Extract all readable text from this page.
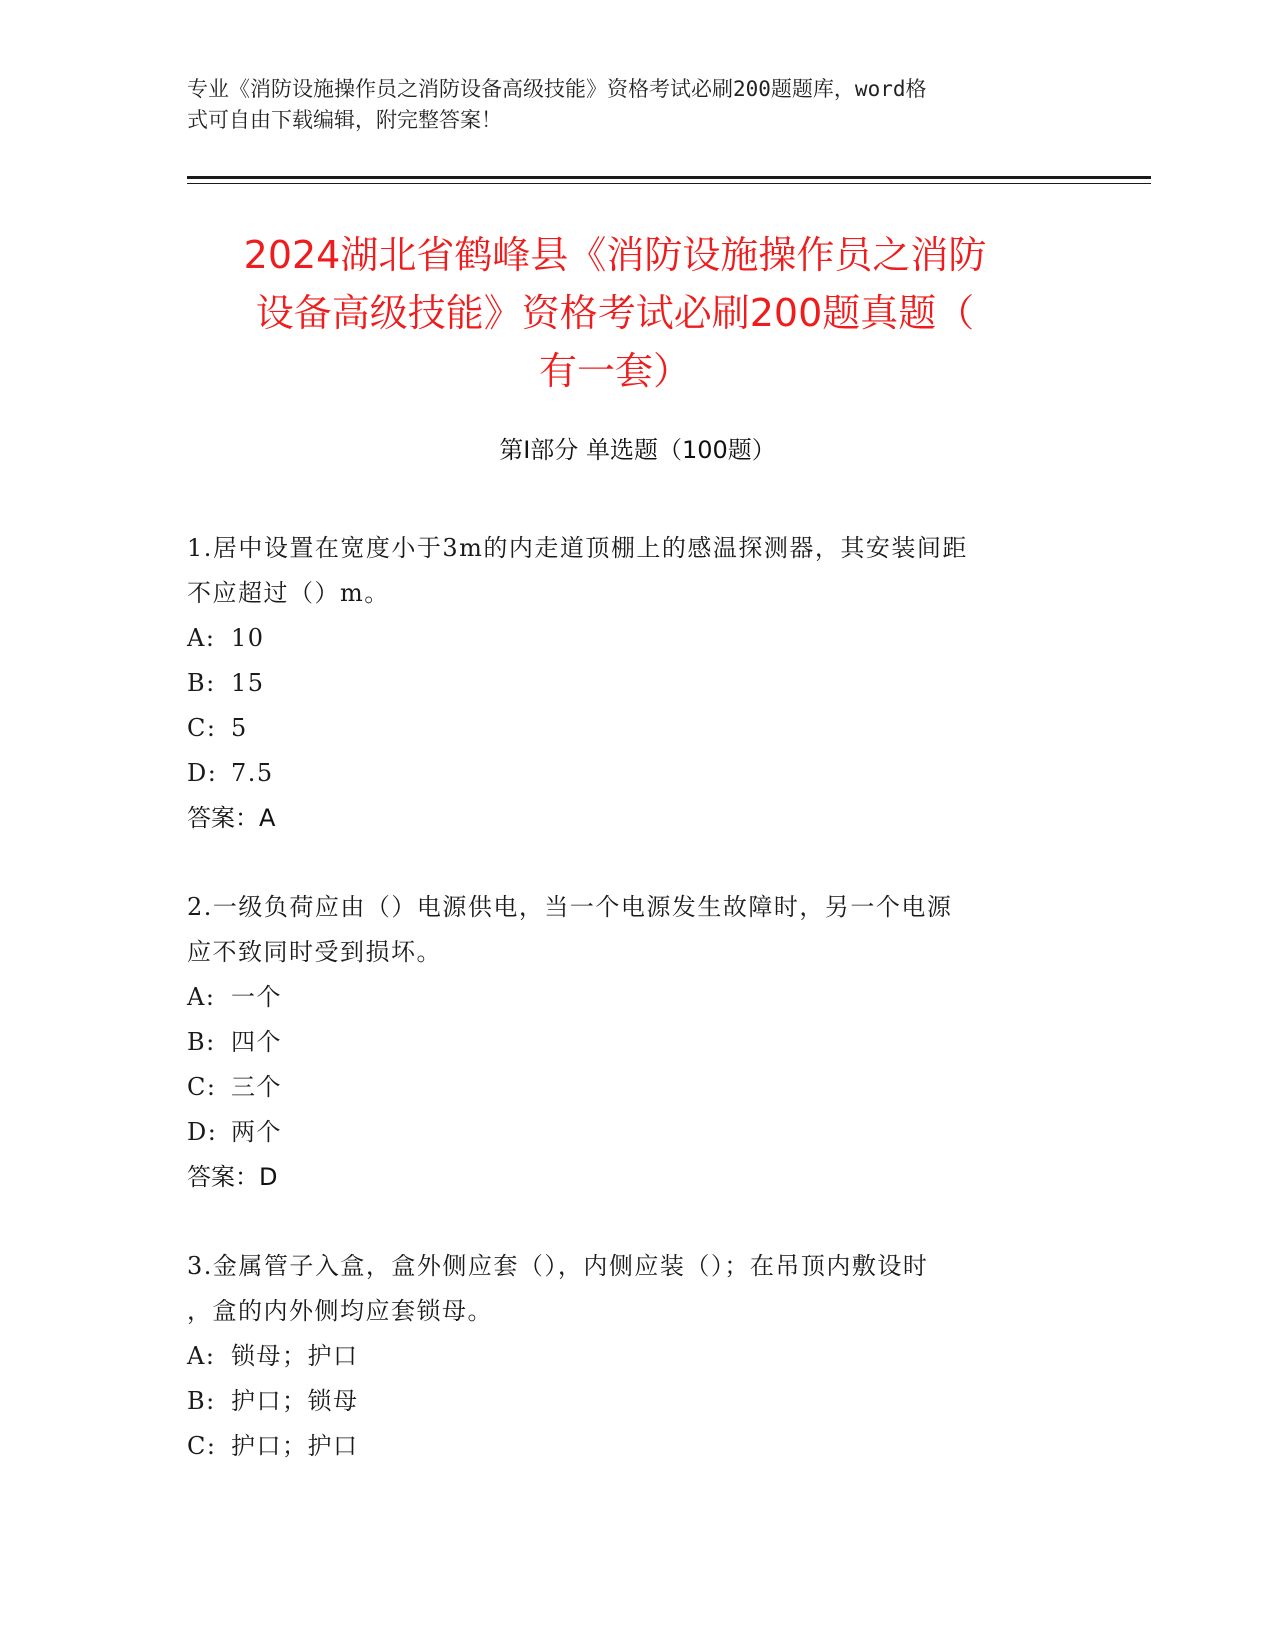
专业《消防设施操作员之消防设备高级技能》资格考试必刷200题题库，word格
式可自由下载编辑，附完整答案！
2024湖北省鹤峰县《消防设施操作员之消防
设备高级技能》资格考试必刷200题真题（
有一套）
第Ⅰ部分 单选题（100题）
1.居中设置在宽度小于3m的内走道顶棚上的感温探测器，其安装间距
不应超过（）m。
A: 10
B: 15
C: 5
D: 7.5
答案：A
2.一级负荷应由（）电源供电，当一个电源发生故障时，另一个电源
应不致同时受到损坏。
A: 一个
B: 四个
C: 三个
D: 两个
答案：D
3.金属管子入盒，盒外侧应套（），内侧应装（）；在吊顶内敷设时
，盒的内外侧均应套锁母。
A: 锁母；护口
B: 护口；锁母
C: 护口；护口
